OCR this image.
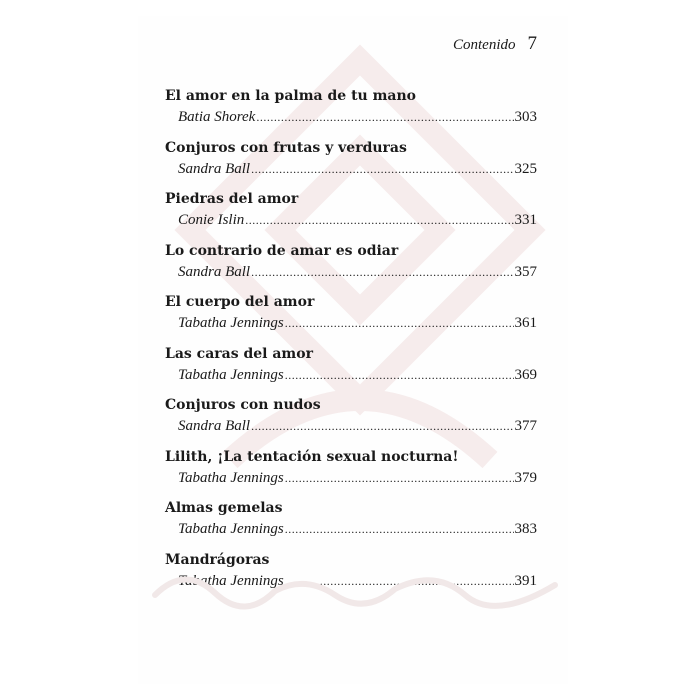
Contenido 7
El amor en la palma de tu mano
Batia Shorek .....	303
Conjuros con frutas y verduras
Sandra Ball .....	325
Piedras del amor
Conie Islin .....	331
Lo contrario de amar es odiar
Sandra Ball .....	357
El cuerpo del amor
Tabatha Jennings .....	361
Las caras del amor
Tabatha Jennings .....	369
Conjuros con nudos
Sandra Ball .....	377
Lilith, ¡La tentación sexual nocturna!
Tabatha Jennings .....	379
Almas gemelas
Tabatha Jennings .....	383
Mandrágoras
Tabatha Jennings .....	391
